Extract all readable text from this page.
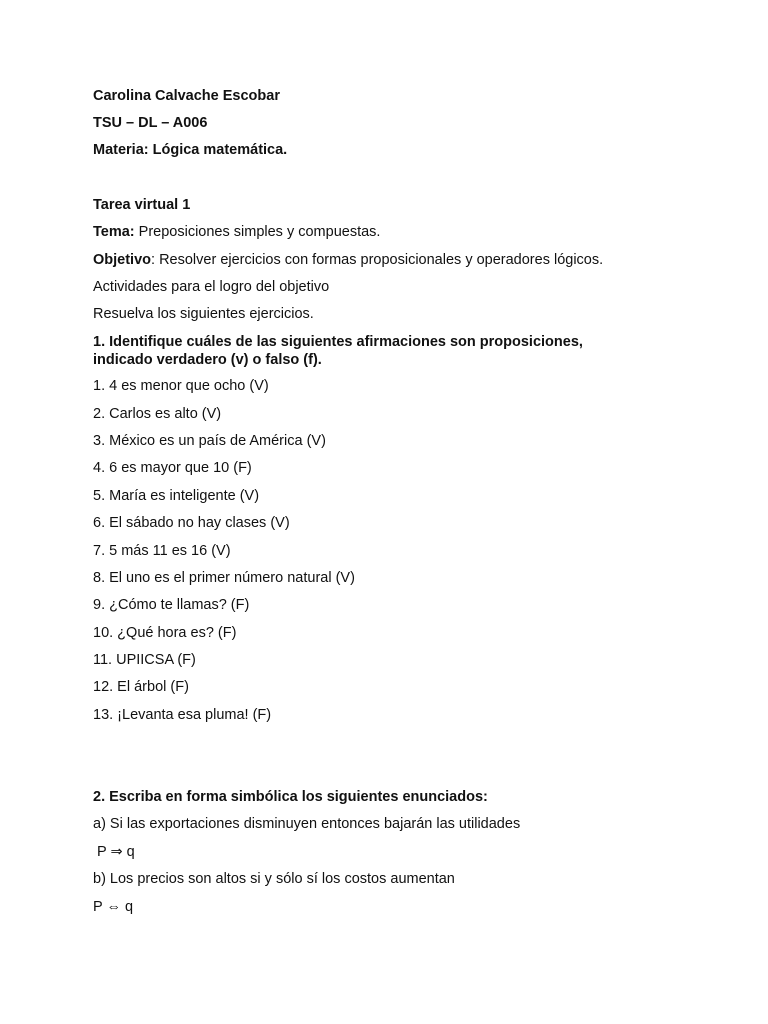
Carolina Calvache Escobar
TSU – DL – A006
Materia: Lógica matemática.
Tarea virtual 1
Tema: Preposiciones simples y compuestas.
Objetivo: Resolver ejercicios con formas proposicionales y operadores lógicos.
Actividades para el logro del objetivo
Resuelva los siguientes ejercicios.
1. Identifique cuáles de las siguientes afirmaciones son proposiciones,
indicado verdadero (v) o falso (f).
1. 4 es menor que ocho (V)
2. Carlos es alto (V)
3. México es un país de América (V)
4. 6 es mayor que 10 (F)
5. María es inteligente (V)
6. El sábado no hay clases (V)
7. 5 más 11 es 16 (V)
8. El uno es el primer número natural (V)
9. ¿Cómo te llamas? (F)
10. ¿Qué hora es? (F)
11. UPIICSA (F)
12. El árbol (F)
13. ¡Levanta esa pluma! (F)
2. Escriba en forma simbólica los siguientes enunciados:
a) Si las exportaciones disminuyen entonces bajarán las utilidades
P ⇒ q
b) Los precios son altos si y sólo sí los costos aumentan
P ⇔ q
